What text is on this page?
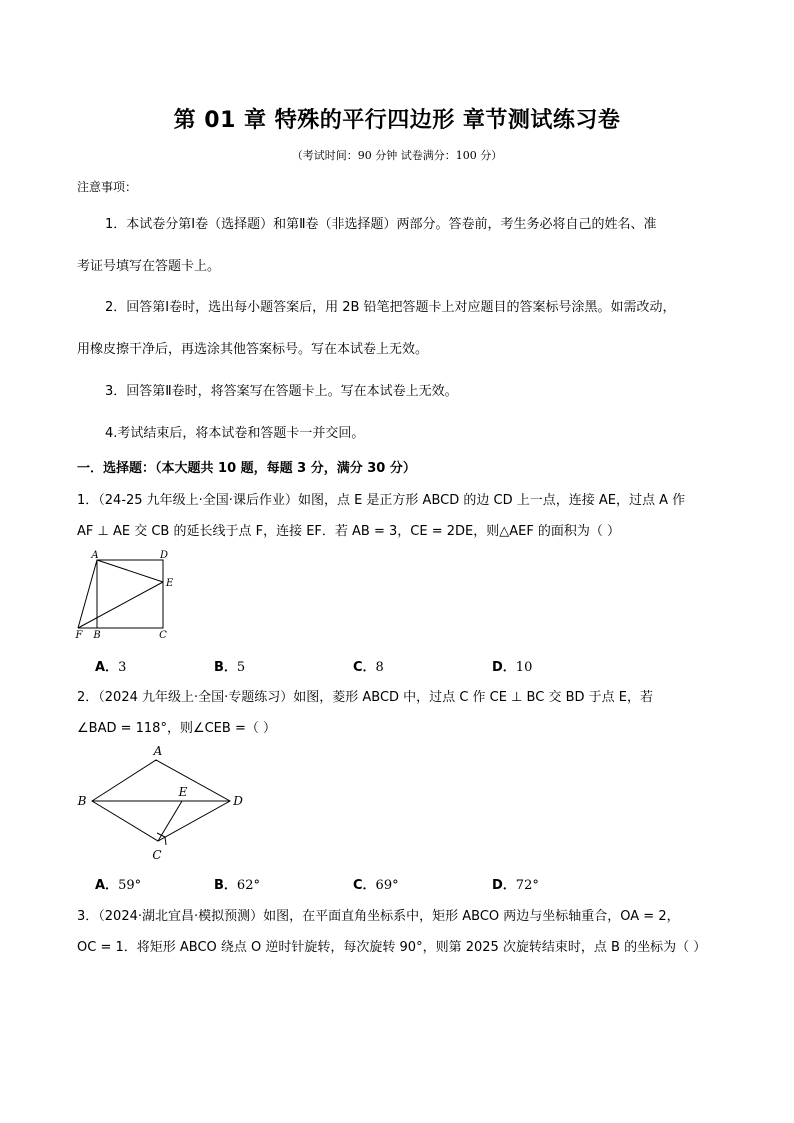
第 01 章 特殊的平行四边形 章节测试练习卷
（考试时间：90 分钟 试卷满分：100 分）
注意事项：
1．本试卷分第Ⅰ卷（选择题）和第Ⅱ卷（非选择题）两部分。答卷前，考生务必将自己的姓名、准
考证号填写在答题卡上。
2．回答第Ⅰ卷时，选出每小题答案后，用 2B 铅笔把答题卡上对应题目的答案标号涂黑。如需改动，
用橡皮擦干净后，再选涂其他答案标号。写在本试卷上无效。
3．回答第Ⅱ卷时，将答案写在答题卡上。写在本试卷上无效。
4.考试结束后，将本试卷和答题卡一并交回。
一．选择题：（本大题共 10 题，每题 3 分，满分 30 分）
1．（24-25 九年级上·全国·课后作业）如图，点 E 是正方形 ABCD 的边 CD 上一点，连接 AE，过点 A 作
AF ⊥ AE 交 CB 的延长线于点 F，连接 EF．若 AB = 3，CE = 2DE，则△AEF 的面积为（ ）
A	D
E
F B	C
A．3	B．5	C．8	D．10
2．（2024 九年级上·全国·专题练习）如图，菱形 ABCD 中，过点 C 作 CE ⊥ BC 交 BD 于点 E，若
∠BAD = 118°，则∠CEB =（ ）
A
B
E
D
C
A．59°	B．62°	C．69°	D．72°
3．（2024·湖北宜昌·模拟预测）如图，在平面直角坐标系中，矩形 ABCO 两边与坐标轴重合，OA = 2，
OC = 1．将矩形 ABCO 绕点 O 逆时针旋转，每次旋转 90°，则第 2025 次旋转结束时，点 B 的坐标为（ ）
